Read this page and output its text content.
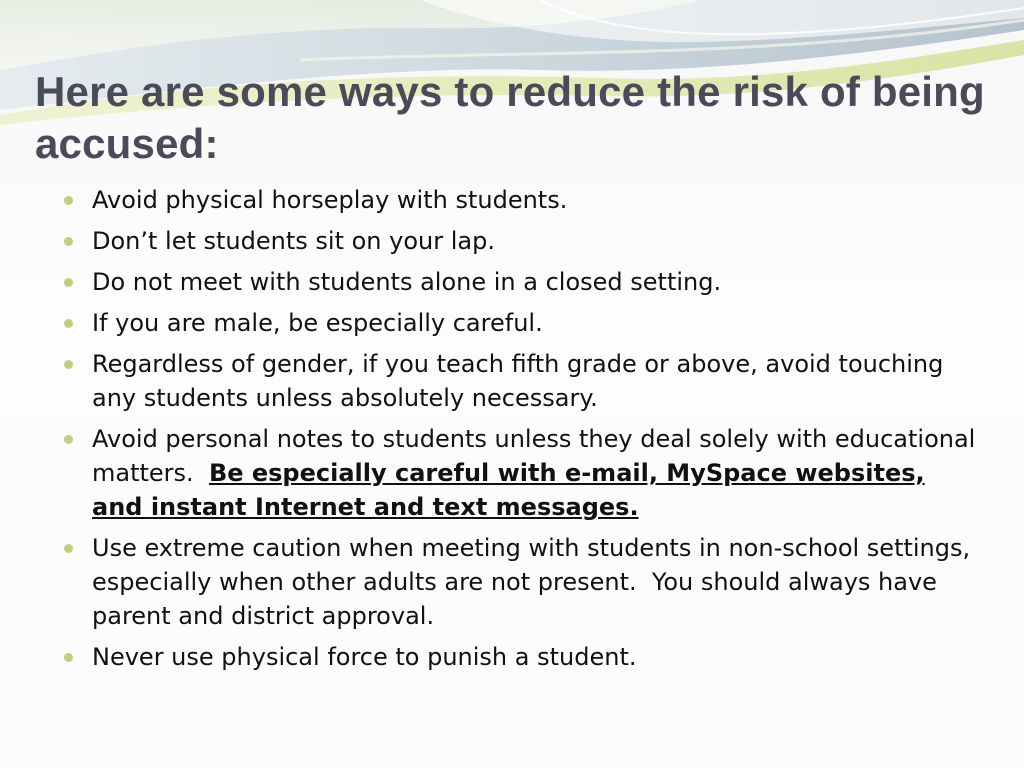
Here are some ways to reduce the risk of being accused:
Avoid physical horseplay with students.
Don’t let students sit on your lap.
Do not meet with students alone in a closed setting.
If you are male, be especially careful.
Regardless of gender, if you teach fifth grade or above, avoid touching any students unless absolutely necessary.
Avoid personal notes to students unless they deal solely with educational matters.  Be especially careful with e-mail, MySpace websites, and instant Internet and text messages.
Use extreme caution when meeting with students in non-school settings, especially when other adults are not present.  You should always have parent and district approval.
Never use physical force to punish a student.
